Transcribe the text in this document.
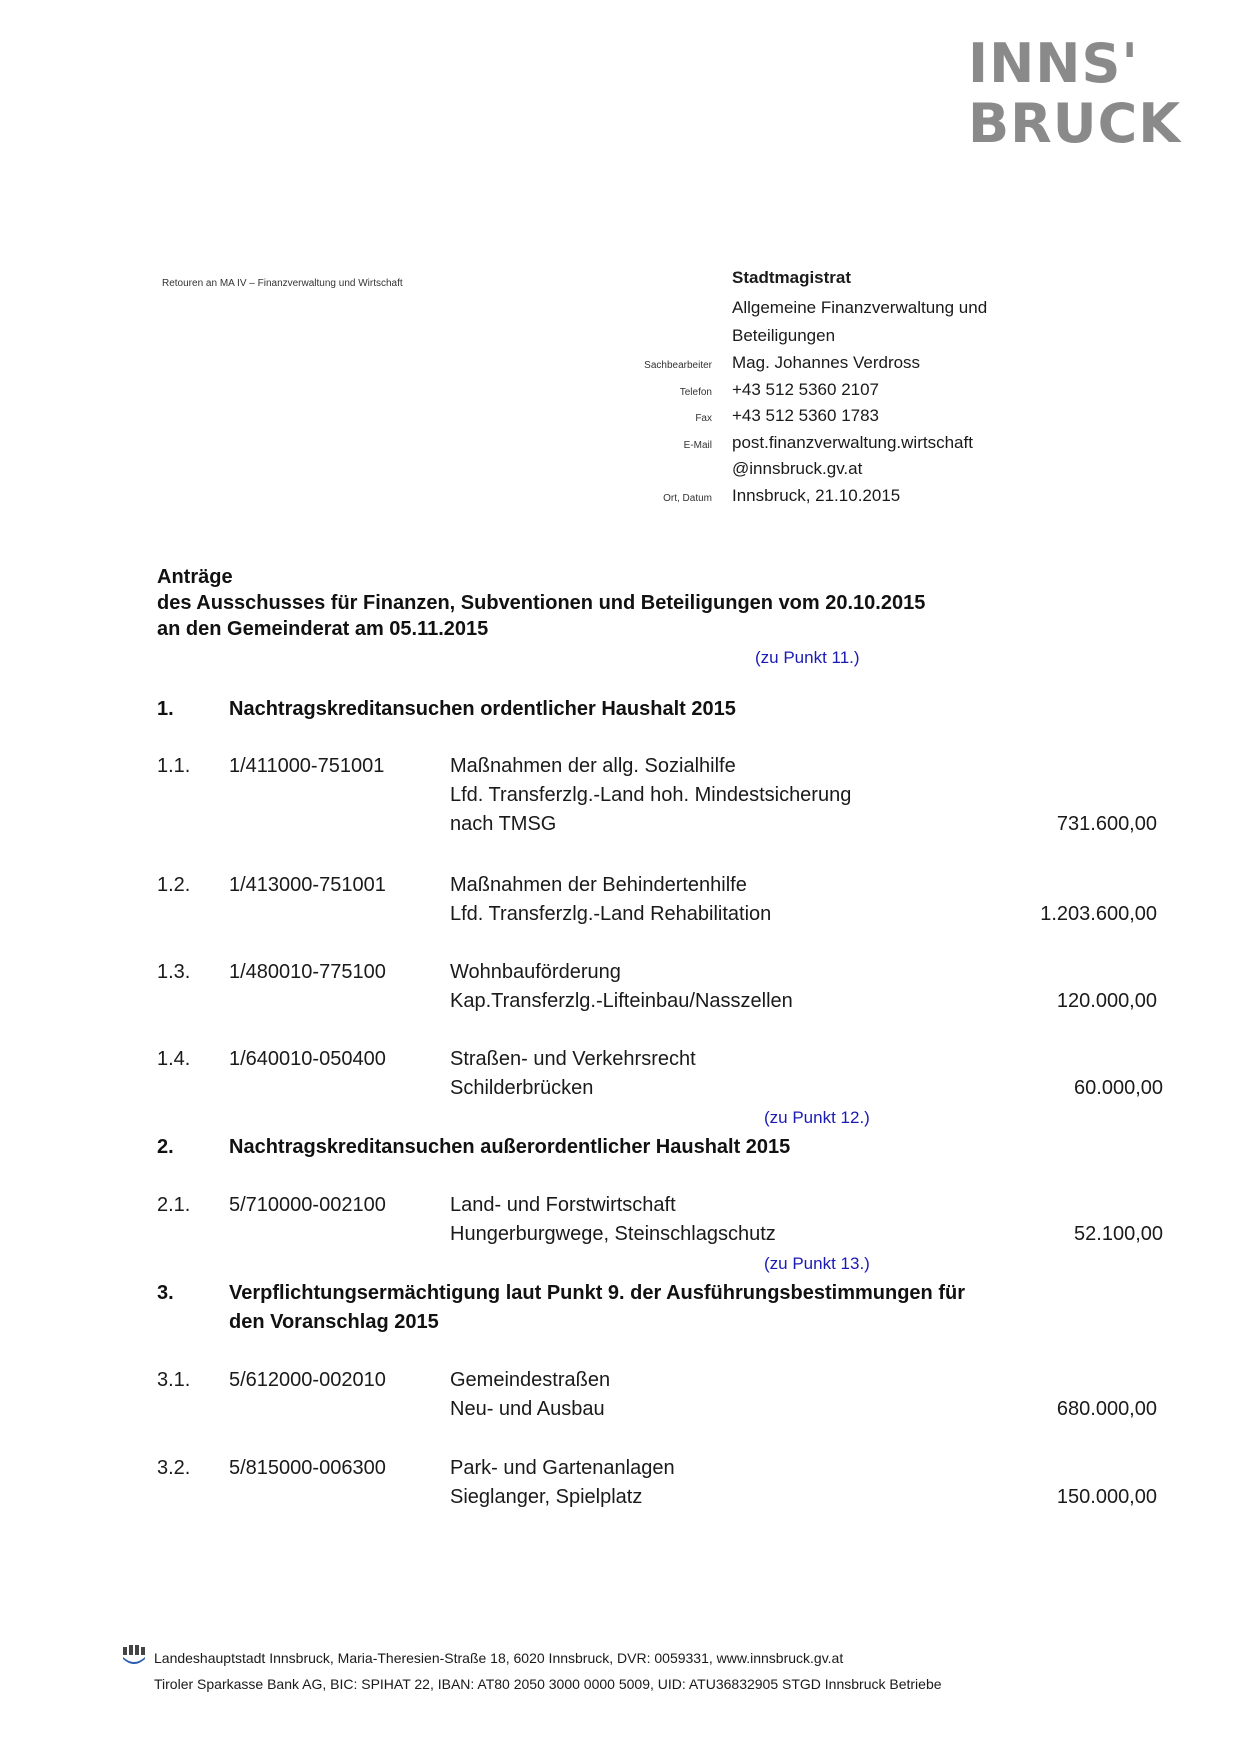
INNS'
BRUCK
Retouren an MA IV – Finanzverwaltung und Wirtschaft	Stadtmagistrat
Allgemeine Finanzverwaltung und
Beteiligungen
Sachbearbeiter	Mag. Johannes Verdross
Telefon	+43 512 5360 2107
Fax	+43 512 5360 1783
E-Mail	post.finanzverwaltung.wirtschaft
@innsbruck.gv.at
Ort, Datum	Innsbruck, 21.10.2015
Anträge
des Ausschusses für Finanzen, Subventionen und Beteiligungen vom 20.10.2015
an den Gemeinderat am 05.11.2015
(zu Punkt 11.)
1.	Nachtragskreditansuchen ordentlicher Haushalt 2015
1.1. 1/411000-751001	Maßnahmen der allg. Sozialhilfe
Lfd. Transferzlg.-Land hoh. Mindestsicherung
nach TMSG	731.600,00
1.2. 1/413000-751001	Maßnahmen der Behindertenhilfe
Lfd. Transferzlg.-Land Rehabilitation	1.203.600,00
1.3. 1/480010-775100	Wohnbauförderung
Kap.Transferzlg.-Lifteinbau/Nasszellen	120.000,00
1.4. 1/640010-050400	Straßen- und Verkehrsrecht
Schilderbrücken	60.000,00
(zu Punkt 12.)
2.	Nachtragskreditansuchen außerordentlicher Haushalt 2015
2.1. 5/710000-002100	Land- und Forstwirtschaft
Hungerburgwege, Steinschlagschutz	52.100,00
(zu Punkt 13.)
3.	Verpflichtungsermächtigung laut Punkt 9. der Ausführungsbestimmungen für
den Voranschlag 2015
3.1. 5/612000-002010	Gemeindestraßen
Neu- und Ausbau	680.000,00
3.2. 5/815000-006300	Park- und Gartenanlagen
Sieglanger, Spielplatz	150.000,00
Landeshauptstadt Innsbruck, Maria-Theresien-Straße 18, 6020 Innsbruck, DVR: 0059331, www.innsbruck.gv.at
Tiroler Sparkasse Bank AG, BIC: SPIHAT 22, IBAN: AT80 2050 3000 0000 5009, UID: ATU36832905 STGD Innsbruck Betriebe
